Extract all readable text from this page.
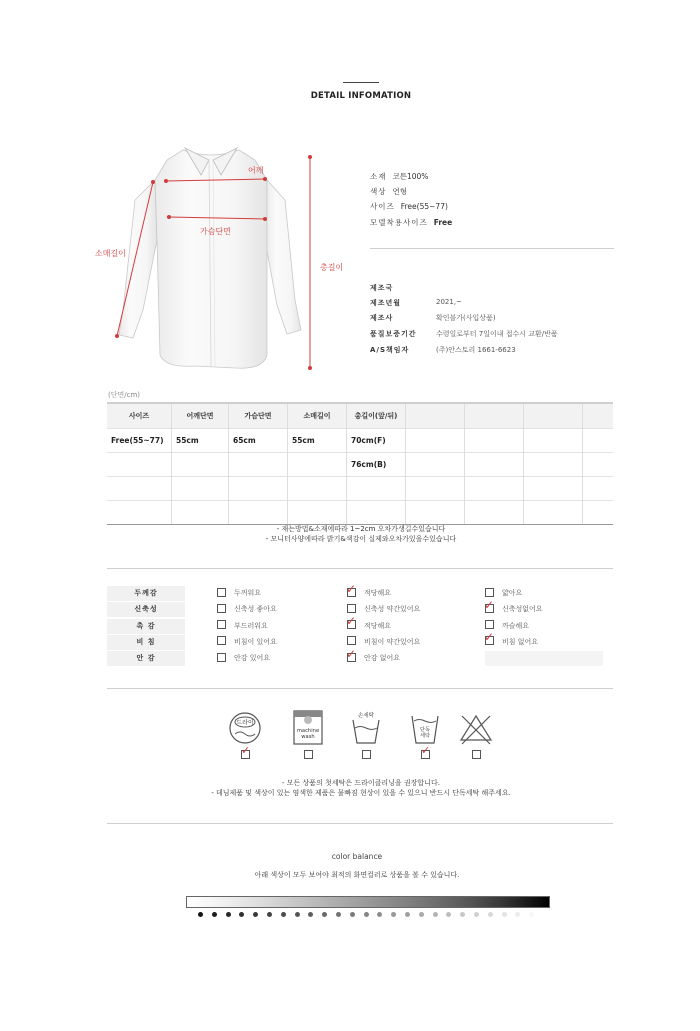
DETAIL INFOMATION
어깨
가슴단면
소매길이
총길이
소재 코튼100%
색상 연형
사이즈 Free(55~77)
모델착용사이즈 Free
제조국
제조년월	2021,~
제조사	확인불가(사입상품)
품질보증기간	수령일로부터 7일이내 접수시 교환/반품
A/S책임자	(주)안스토리 1661-6623
(단면/cm)
사이즈	어깨단면	가슴단면	소매길이	총길이(앞/뒤)				
Free(55~77)	55cm	65cm	55cm	70cm(F)				
				76cm(B)				

- 재는방법&소재에따라 1~2cm 오차가생길수있습니다
- 모니터사양에따라 밝기&색감이 실제와오차가있을수있습니다
두께감	두꺼워요	✓ 적당해요	얇아요
신축성	신축성 좋아요	신축성 약간있어요	✓ 신축성없어요
촉 감	부드러워요	✓ 적당해요	까슬해요
비 침	비침이 있어요	비침이 약간있어요	✓ 비침 없어요
안 감	안감 있어요	✓ 안감 없어요
드라이
machine
wash
손세탁
단독
세탁
✓	✓
- 모든 상품의 첫세탁은 드라이클리닝을 권장합니다.
- 데님제품 및 색상이 있는 염색한 제품은 물빠짐 현상이 있을 수 있으니 반드시 단독세탁 해주세요.
color balance
아래 색상이 모두 보여야 최적의 화면컬러로 상품을 볼 수 있습니다.
